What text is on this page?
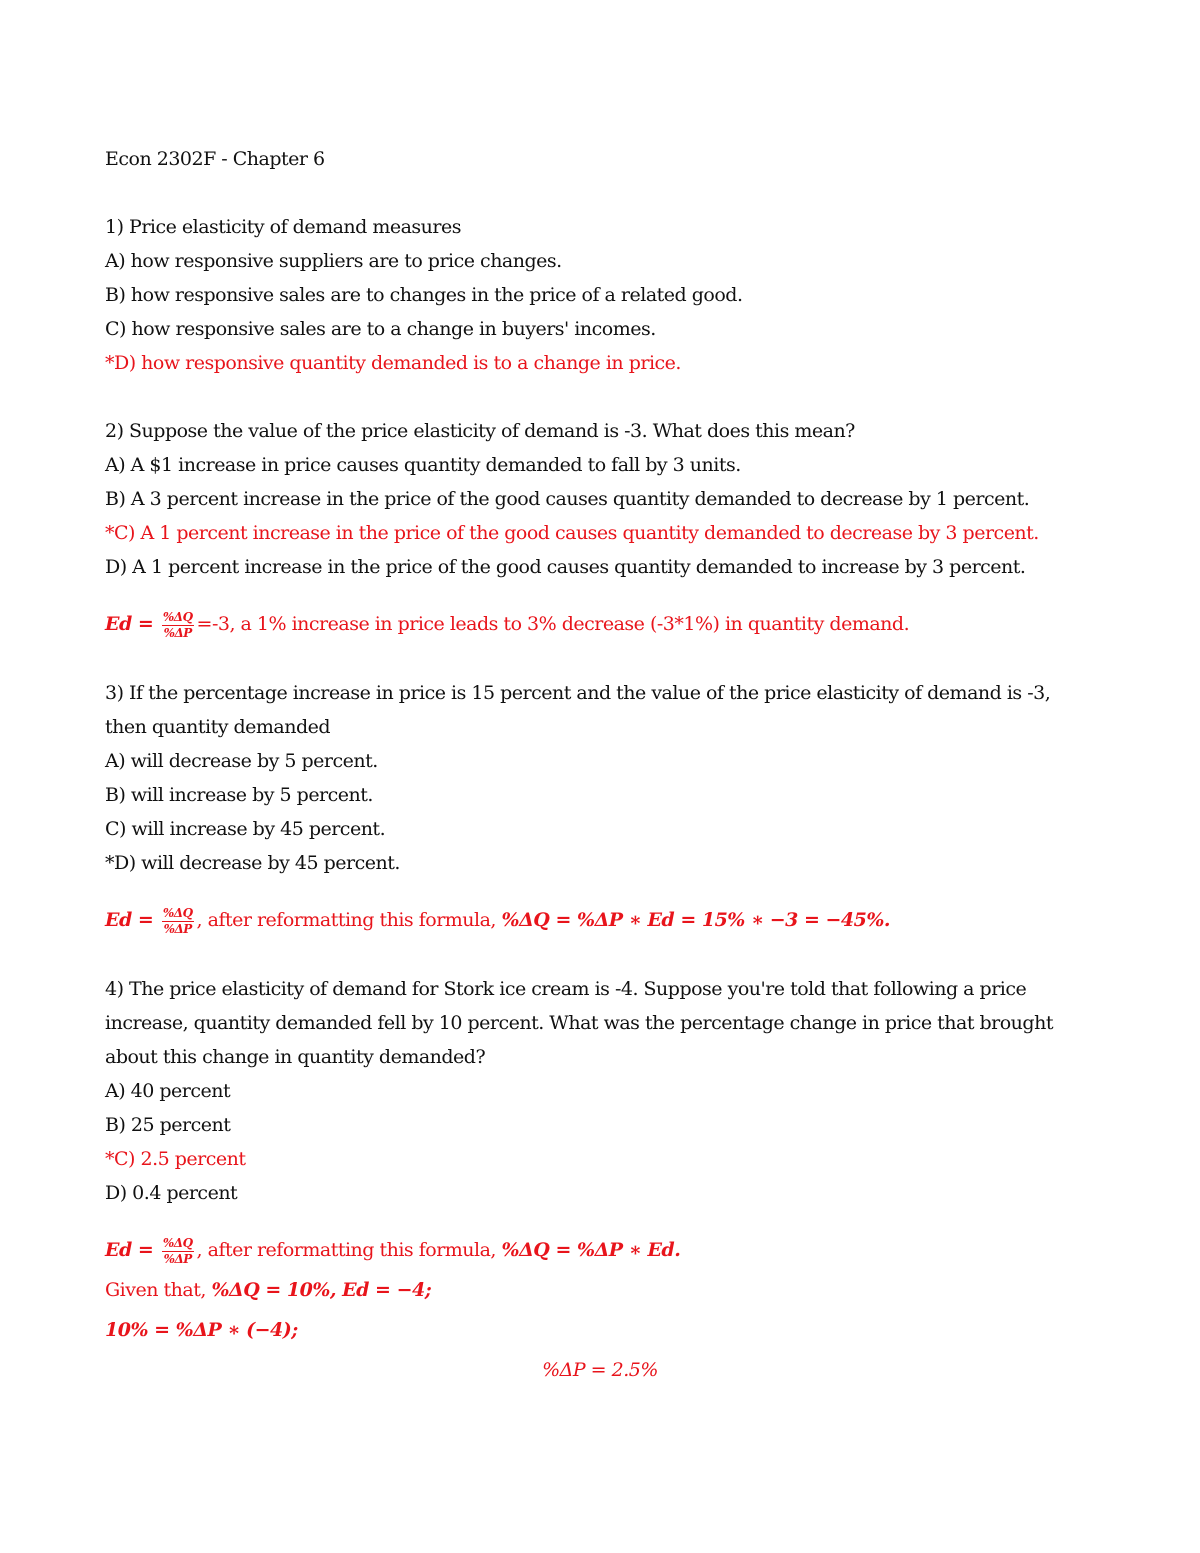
Econ 2302F - Chapter 6
1) Price elasticity of demand measures
A) how responsive suppliers are to price changes.
B) how responsive sales are to changes in the price of a related good.
C) how responsive sales are to a change in buyers' incomes.
*D) how responsive quantity demanded is to a change in price.
2) Suppose the value of the price elasticity of demand is -3. What does this mean?
A) A $1 increase in price causes quantity demanded to fall by 3 units.
B) A 3 percent increase in the price of the good causes quantity demanded to decrease by 1 percent.
*C) A 1 percent increase in the price of the good causes quantity demanded to decrease by 3 percent.
D) A 1 percent increase in the price of the good causes quantity demanded to increase by 3 percent.
$Ed = \frac{\%\Delta Q}{\%\Delta P} =-3$, a 1% increase in price leads to 3% decrease (-3*1%) in quantity demand.
3) If the percentage increase in price is 15 percent and the value of the price elasticity of demand is -3, then quantity demanded
A) will decrease by 5 percent.
B) will increase by 5 percent.
C) will increase by 45 percent.
*D) will decrease by 45 percent.
$Ed = \frac{\%\Delta Q}{\%\Delta P}$ , after reformatting this formula, %ΔQ = %ΔP ∗ Ed = 15% ∗ −3 = −45%.
4) The price elasticity of demand for Stork ice cream is -4. Suppose you're told that following a price increase, quantity demanded fell by 10 percent. What was the percentage change in price that brought about this change in quantity demanded?
A) 40 percent
B) 25 percent
*C) 2.5 percent
D) 0.4 percent
$Ed = \frac{\%\Delta Q}{\%\Delta P}$ , after reformatting this formula, %ΔQ = %ΔP ∗ Ed.
Given that, %ΔQ = 10%, Ed = −4;
10% = %ΔP ∗ (−4);
%ΔP = 2.5%
